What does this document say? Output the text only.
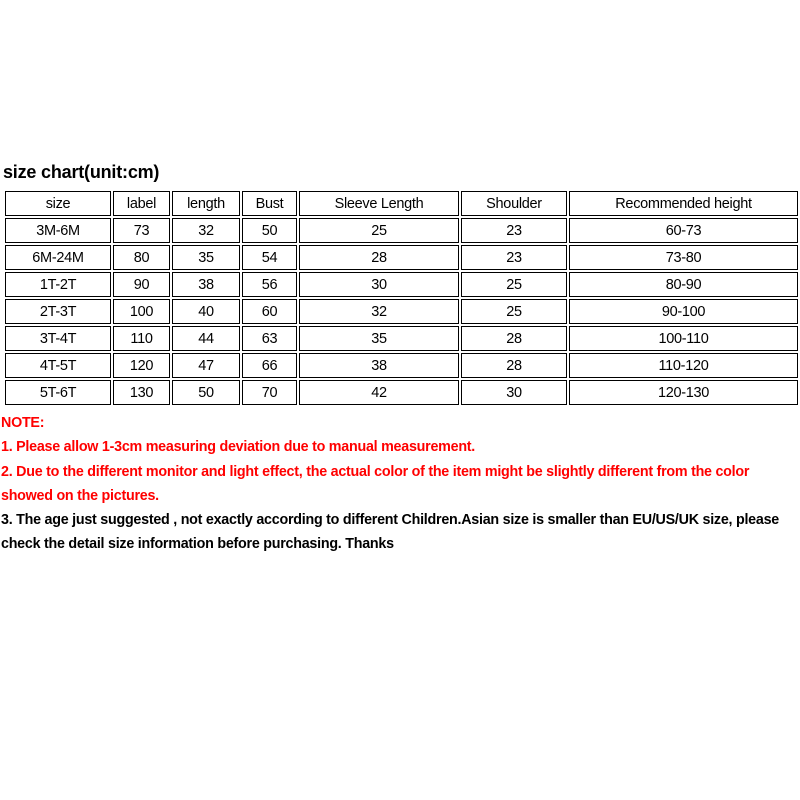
size chart(unit:cm)
size	label	length	Bust	Sleeve Length	Shoulder	Recommended height
3M-6M	73	32	50	25	23	60-73
6M-24M	80	35	54	28	23	73-80
1T-2T	90	38	56	30	25	80-90
2T-3T	100	40	60	32	25	90-100
3T-4T	110	44	63	35	28	100-110
4T-5T	120	47	66	38	28	110-120
5T-6T	130	50	70	42	30	120-130

NOTE:

1. Please allow 1-3cm measuring deviation due to manual measurement.

2. Due to the different monitor and light effect, the actual color of the item might be slightly different from the color showed on the pictures.

3. The age just suggested , not exactly according to different Children.Asian size is smaller than EU/US/UK size, please check the detail size information before purchasing. Thanks
